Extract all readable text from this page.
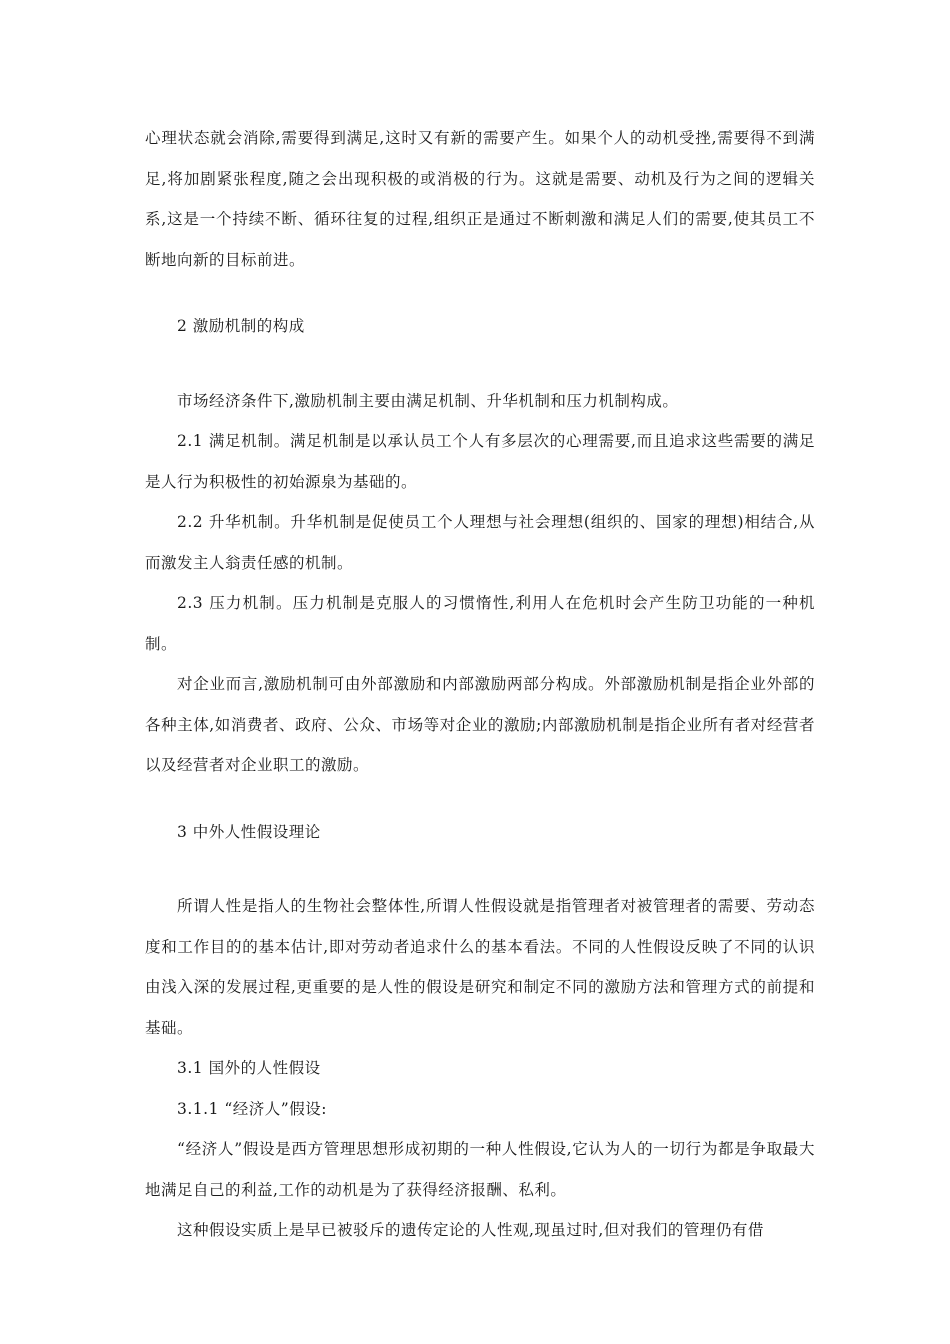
心理状态就会消除,需要得到满足,这时又有新的需要产生。如果个人的动机受挫,需要得不到满足,将加剧紧张程度,随之会出现积极的或消极的行为。这就是需要、动机及行为之间的逻辑关系,这是一个持续不断、循环往复的过程,组织正是通过不断刺激和满足人们的需要,使其员工不断地向新的目标前进。

2 激励机制的构成

市场经济条件下,激励机制主要由满足机制、升华机制和压力机制构成。

2.1 满足机制。满足机制是以承认员工个人有多层次的心理需要,而且追求这些需要的满足是人行为积极性的初始源泉为基础的。

2.2 升华机制。升华机制是促使员工个人理想与社会理想(组织的、国家的理想)相结合,从而激发主人翁责任感的机制。

2.3 压力机制。压力机制是克服人的习惯惰性,利用人在危机时会产生防卫功能的一种机制。

对企业而言,激励机制可由外部激励和内部激励两部分构成。外部激励机制是指企业外部的各种主体,如消费者、政府、公众、市场等对企业的激励;内部激励机制是指企业所有者对经营者以及经营者对企业职工的激励。

3 中外人性假设理论

所谓人性是指人的生物社会整体性,所谓人性假设就是指管理者对被管理者的需要、劳动态度和工作目的的基本估计,即对劳动者追求什么的基本看法。不同的人性假设反映了不同的认识由浅入深的发展过程,更重要的是人性的假设是研究和制定不同的激励方法和管理方式的前提和基础。

3.1 国外的人性假设

3.1.1 “经济人”假设:

“经济人”假设是西方管理思想形成初期的一种人性假设,它认为人的一切行为都是争取最大地满足自己的利益,工作的动机是为了获得经济报酬、私利。

这种假设实质上是早已被驳斥的遗传定论的人性观,现虽过时,但对我们的管理仍有借
